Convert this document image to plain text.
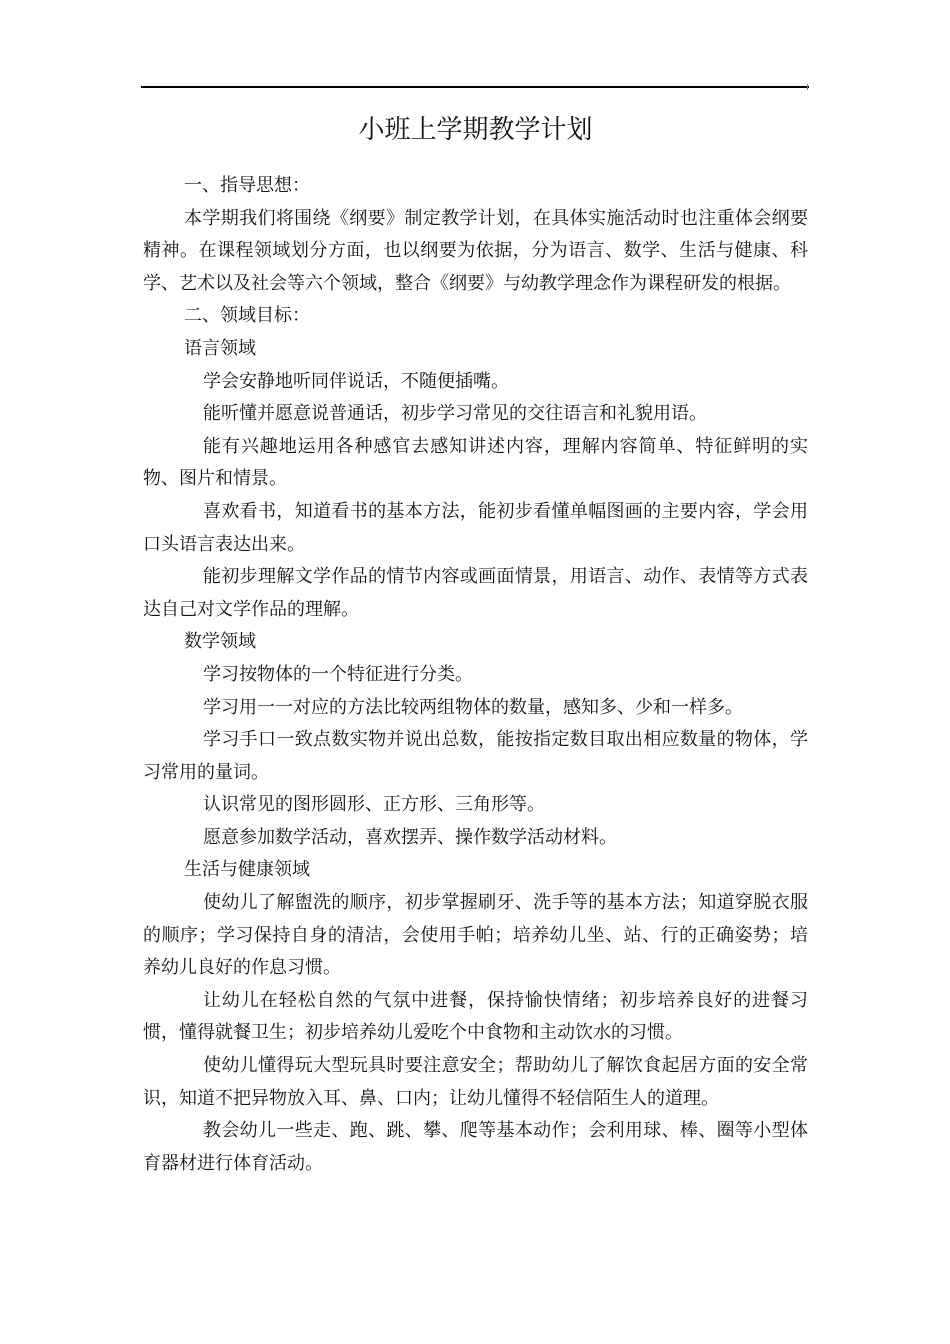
小班上学期教学计划

一、指导思想：

本学期我们将围绕《纲要》制定教学计划，在具体实施活动时也注重体会纲要精神。在课程领域划分方面，也以纲要为依据，分为语言、数学、生活与健康、科学、艺术以及社会等六个领域，整合《纲要》与幼教学理念作为课程研发的根据。

二、领域目标：

语言领域

学会安静地听同伴说话，不随便插嘴。

能听懂并愿意说普通话，初步学习常见的交往语言和礼貌用语。

能有兴趣地运用各种感官去感知讲述内容，理解内容简单、特征鲜明的实物、图片和情景。

喜欢看书，知道看书的基本方法，能初步看懂单幅图画的主要内容，学会用口头语言表达出来。

能初步理解文学作品的情节内容或画面情景，用语言、动作、表情等方式表达自己对文学作品的理解。

数学领域

学习按物体的一个特征进行分类。

学习用一一对应的方法比较两组物体的数量，感知多、少和一样多。

学习手口一致点数实物并说出总数，能按指定数目取出相应数量的物体，学习常用的量词。

认识常见的图形圆形、正方形、三角形等。

愿意参加数学活动，喜欢摆弄、操作数学活动材料。

生活与健康领域

使幼儿了解盥洗的顺序，初步掌握刷牙、洗手等的基本方法；知道穿脱衣服的顺序；学习保持自身的清洁，会使用手帕；培养幼儿坐、站、行的正确姿势；培养幼儿良好的作息习惯。

让幼儿在轻松自然的气氛中进餐，保持愉快情绪；初步培养良好的进餐习惯，懂得就餐卫生；初步培养幼儿爱吃个中食物和主动饮水的习惯。

使幼儿懂得玩大型玩具时要注意安全；帮助幼儿了解饮食起居方面的安全常识，知道不把异物放入耳、鼻、口内；让幼儿懂得不轻信陌生人的道理。

教会幼儿一些走、跑、跳、攀、爬等基本动作；会利用球、棒、圈等小型体育器材进行体育活动。
